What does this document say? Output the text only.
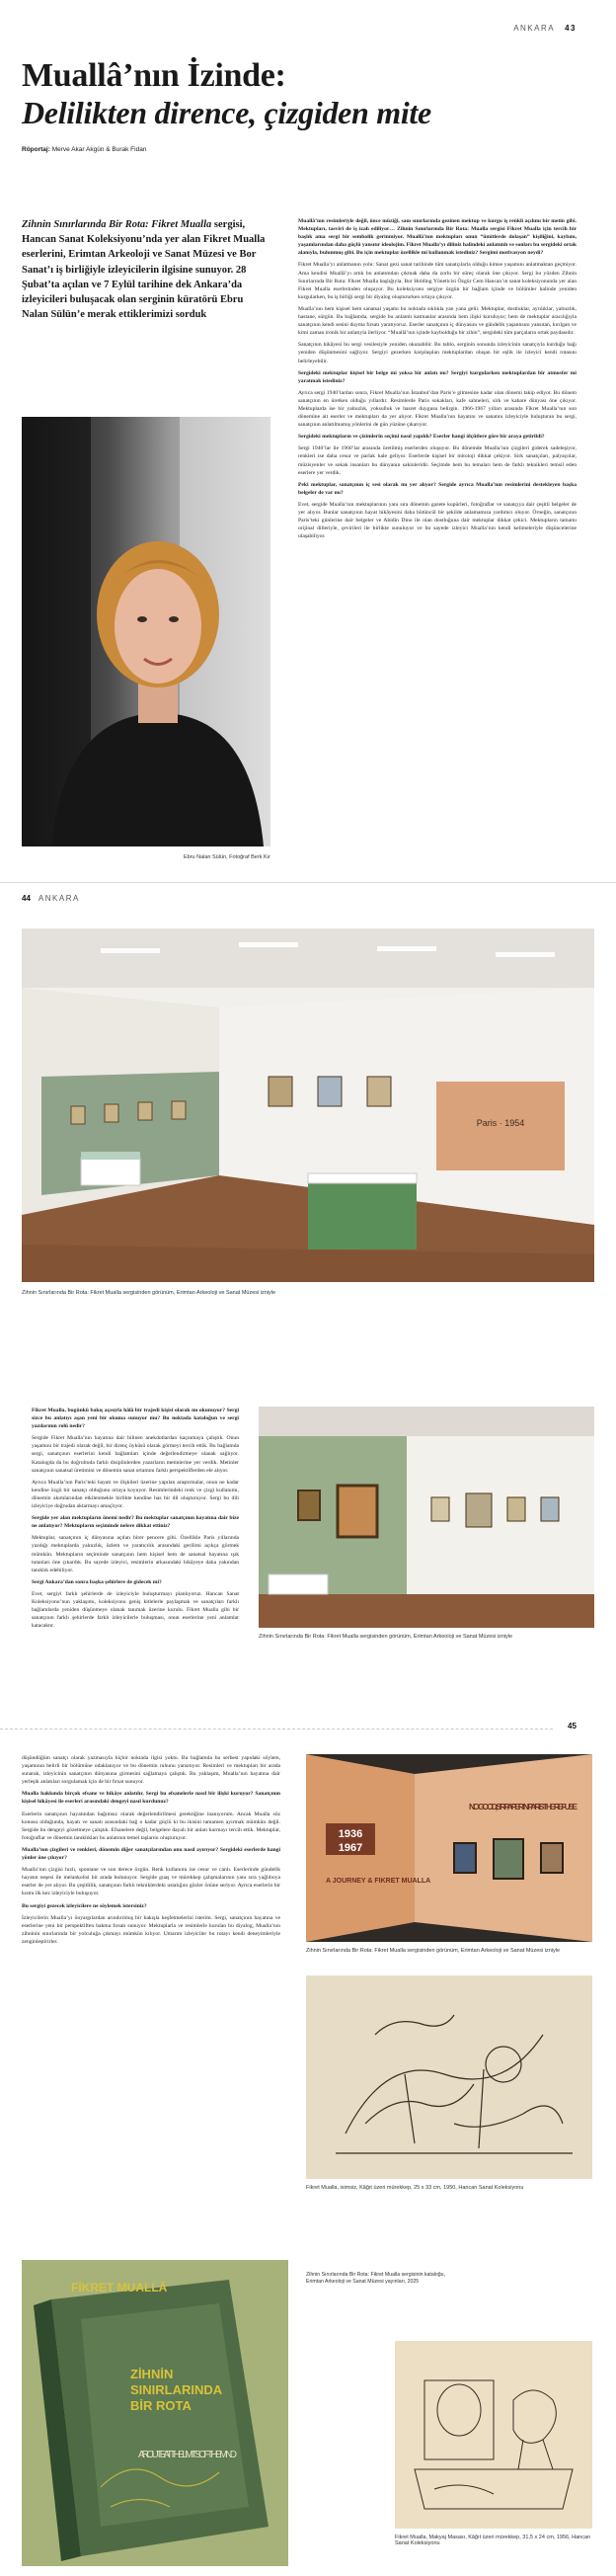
ANKARA 43
Muallâ’nın İzinde:
Delilikten dirence, çizgiden mite
Röportaj: Merve Akar Akgün & Burak Fidan
Zihnin Sınırlarında Bir Rota: Fikret Mualla sergisi, Hancan Sanat Koleksiyonu’nda yer alan Fikret Mualla eserlerini, Erimtan Arkeoloji ve Sanat Müzesi ve Bor Sanat’ı iş birliğiyle izleyicilerin ilgisine sunuyor. 28 Şubat’ta açılan ve 7 Eylül tarihine dek Ankara’da izleyicileri buluşacak olan serginin küratörü Ebru Nalan Sülün’e merak ettiklerimizi sorduk
Ebru Nalan Sülün, Fotoğraf Berk Kır

Muallâ’nın resimleriyle değil, önce müziği, sanı sınırlarında gezinen mektup ve kurgu iş renkli açılımı bir metin gibi. Mektupları, tasviri de iş izah ediliyor… Zihnin Sınırlarında Bir Rota: Mualla sergisi Fikret Mualla için tercih bir başlık ama sergi bir sembolik gerinmiyor. Muallâ’nın mektupları onun “ümitlerde dolaşan” kişiliğini, kaybını, yaşamlarından daha güçlü yansıtır ideolojim. Fikret Mualla’yı diliniz halindeki anlatımlı ve sonları bu sergideki ortak alanıyla, bulunmuş gibi. Bu için mektuplar özellikle mi kullanmak istediniz? Sergimi motivasyon neydi?

Fikret Mualla’yı anlatmanın yolu: Sanat gezi sanat tarihinde tüm sanatçılarla olduğu kimse yaşamını anlatmaktan geçmiyor. Ama kendisi Muallâ’yı artık bu anlatımdan çıkmak daha da zorlu bir süreç olarak öne çıkıyor. Sergi bu yüzden Zihnin Sınırlarında Bir Rota: Fikret Mualla başlığıyla, Bor Holding Yöneticisi Özgür Cem Hancan’ın sanat koleksiyonunda yer alan Fikret Mualla eserlerinden oluşuyor. Bu koleksiyonu sergiye özgün bir bağlam içinde ve bölümler halinde yeniden kurgularken, bu iş birliği sergi bir diyalog oluştururken ortaya çıkıyor.

Mualla’nın hem kişisel hem sanatsal yaşamı bu noktada sıklıkla yan yana gelir. Mektuplar, dostluklar, ayrılıklar, yalnızlık, hastane, sürgün. Bu bağlamda, sergide bu anlamlı katmanlar arasında hem ilişki kuruluyor; hem de mektuplar aracılığıyla sanatçının kendi sesini duyma fırsatı yaratıyoruz. Eserler sanatçının iç dünyasını ve gündelik yaşantısını yansıtan, kırılgan ve kimi zaman ironik bir anlatıyla ilerliyor. “Muallâ’nın içinde kaybolduğu bir zihin”, sergideki tüm parçaların ortak paydasıdır.

Sanatçının hikâyesi bu sergi vesilesiyle yeniden okunabilir. Bu tablo, serginin sonunda izleyicinin sanatçıyla kurduğu bağı yeniden düşünmesini sağlıyor. Sergiyi gezerken karşılaşılan mektuplardan oluşan bir eşlik ile izleyici kendi rotasını belirleyebilir.

Sergideki mektuplar kişisel bir belge mi yoksa bir anlatı mı? Sergiyi kurgularken mektuplardan bir atmosfer mi yaratmak istediniz?

Ayrıca sergi 1940’lardan sonra, Fikret Mualla’nın İstanbul’dan Paris’e gitmesine kadar olan dönemi takip ediyor. Bu dönem sanatçının en üretken olduğu yıllardır. Resimlerde Paris sokakları, kafe sahneleri, sirk ve kabare dünyası öne çıkıyor. Mektuplarda ise bir yalnızlık, yoksulluk ve hasret duygusu belirgin. 1966-1967 yılları arasında Fikret Mualla’nın son dönemine ait eserler ve mektupları da yer alıyor. Fikret Mualla’nın hayatını ve sanatını izleyiciyle buluşturan bu sergi, sanatçının anlatılmamış yönlerini de gün yüzüne çıkarıyor.

Sergideki mektupların ve çizimlerin seçimi nasıl yapıldı? Eserler hangi ölçütlere göre bir araya getirildi?

Sergi 1940’lar ile 1960’lar arasında üretilmiş eserlerden oluşuyor. Bu dönemde Mualla’nın çizgileri giderek sadeleşiyor, renkleri ise daha cesur ve parlak hale geliyor. Eserlerde kişisel bir mitoloji dikkat çekiyor. Sirk sanatçıları, palyaçolar, müzisyenler ve sokak insanları bu dünyanın sakinleridir. Seçimde hem bu temaları hem de farklı teknikleri temsil eden eserlere yer verdik.

Peki mektuplar, sanatçının iç sesi olarak mı yer alıyor? Sergide ayrıca Mualla’nın resimlerini destekleyen başka belgeler de var mı?

Evet, sergide Mualla’nın mektuplarının yanı sıra dönemin gazete kupürleri, fotoğraflar ve sanatçıya dair çeşitli belgeler de yer alıyor. Bunlar sanatçının hayat hikâyesini daha bütüncül bir şekilde anlamamıza yardımcı oluyor. Örneğin, sanatçının Paris’teki günlerine dair belgeler ve Abidin Dino ile olan dostluğuna dair mektuplar dikkat çekici. Mektupların tamamı orijinal dilleriyle, çevirileri ile birlikte sunuluyor ve bu sayede izleyici Mualla’nın kendi kelimeleriyle düşüncelerine ulaşabiliyor.

44 ANKARA
Paris · 1954
Zihnin Sınırlarında Bir Rota: Fikret Mualla sergisinden görünüm, Erimtan Arkeoloji ve Sanat Müzesi izniyle

Fikret Mualla, bugünkü bakış açısıyla hâlâ bir trajedi kişisi olarak mı okunuyor? Sergi sizce bu anlatıyı aşan yeni bir okuma sunuyor mu? Bu noktada kataloğun ve sergi yazılarının rolü nedir?

Sergide Fikret Mualla’nın hayatına dair bilinen anekdotlardan kaçınmaya çalıştık. Onun yaşamını bir trajedi olarak değil, bir direnç öyküsü olarak görmeyi tercih ettik. Bu bağlamda sergi, sanatçının eserlerini kendi bağlamları içinde değerlendirmeye olanak sağlıyor. Katalogda da bu doğrultuda farklı disiplinlerden yazarların metinlerine yer verdik. Metinler sanatçının sanatsal üretimini ve dönemin sanat ortamını farklı perspektiflerden ele alıyor.

Ayrıca Mualla’nın Paris’teki hayatı ve ilişkileri üzerine yapılan araştırmalar, onun ne kadar kendine özgü bir sanatçı olduğunu ortaya koyuyor. Resimlerindeki renk ve çizgi kullanımı, dönemin akımlarından etkilenmekle birlikte kendine has bir dil oluşturuyor. Sergi bu dili izleyiciye doğrudan aktarmayı amaçlıyor.

Sergide yer alan mektupların önemi nedir? Bu mektuplar sanatçının hayatına dair bize ne anlatıyor? Mektupların seçiminde nelere dikkat ettiniz?

Mektuplar, sanatçının iç dünyasına açılan birer pencere gibi. Özellikle Paris yıllarında yazdığı mektuplarda yalnızlık, özlem ve yaratıcılık arasındaki gerilimi açıkça görmek mümkün. Mektupların seçiminde sanatçının hem kişisel hem de sanatsal hayatına ışık tutanları öne çıkardık. Bu sayede izleyici, resimlerin arkasındaki hikâyeye daha yakından tanıklık edebiliyor.

Sergi Ankara’dan sonra başka şehirlere de gidecek mi?

Evet, sergiyi farklı şehirlerde de izleyiciyle buluşturmayı planlıyoruz. Hancan Sanat Koleksiyonu’nun yaklaşımı, koleksiyonu geniş kitlelerle paylaşmak ve sanatçıları farklı bağlamlarda yeniden düşünmeye olanak tanımak üzerine kurulu. Fikret Mualla gibi bir sanatçının farklı şehirlerde farklı izleyicilerle buluşması, onun eserlerine yeni anlamlar katacaktır.

Zihnin Sınırlarında Bir Rota: Fikret Mualla sergisinden görünüm, Erimtan Arkeoloji ve Sanat Müzesi izniyle
45

düşündüğüm sanatçı olarak yazmasıyla hiçbir noktada ilgisi yoktu. Bu bağlamda bu serbest yapıdaki söylem, yaşamının belirli bir bölümüne odaklanıyor ve bu dönemin ruhunu yansıtıyor. Resimleri ve mektupları bir arada sunarak, izleyicinin sanatçının dünyasına girmesini sağlamaya çalıştık. Bu yaklaşım, Mualla’nın hayatına dair yerleşik anlatıları sorgulamak için de bir fırsat sunuyor.

Mualla hakkında birçok efsane ve hikâye anlatılır. Sergi bu efsanelerle nasıl bir ilişki kuruyor? Sanatçının kişisel hikâyesi ile eserleri arasındaki dengeyi nasıl kurdunuz?

Eserlerin sanatçının hayatından bağımsız olarak değerlendirilmesi gerektiğine inanıyorum. Ancak Mualla söz konusu olduğunda, hayatı ve sanatı arasındaki bağ o kadar güçlü ki bu ikisini tamamen ayırmak mümkün değil. Sergide bu dengeyi gözetmeye çalıştık. Efsanelere değil, belgelere dayalı bir anlatı kurmayı tercih ettik. Mektuplar, fotoğraflar ve dönemin tanıklıkları bu anlatının temel taşlarını oluşturuyor.

Mualla’nın çizgileri ve renkleri, dönemin diğer sanatçılarından onu nasıl ayırıyor? Sergideki eserlerde hangi yönler öne çıkıyor?

Mualla’nın çizgisi hızlı, spontane ve son derece özgün. Renk kullanımı ise cesur ve canlı. Eserlerinde gündelik hayatın neşesi ile melankolisi bir arada bulunuyor. Sergide guaş ve mürekkep çalışmalarının yanı sıra yağlıboya eserler de yer alıyor. Bu çeşitlilik, sanatçının farklı tekniklerdeki ustalığını gözler önüne seriyor. Ayrıca eserlerin bir kısmı ilk kez izleyiciyle buluşuyor.

Bu sergiyi gezecek izleyicilere ne söylemek istersiniz?

İzleyicilerin Mualla’yı önyargılardan arındırılmış bir bakışla keşfetmelerini isterim. Sergi, sanatçının hayatına ve eserlerine yeni bir perspektiften bakma fırsatı sunuyor. Mektuplarla ve resimlerle kurulan bu diyalog, Mualla’nın zihninin sınırlarında bir yolculuğa çıkmayı mümkün kılıyor. Umarım izleyiciler bu rotayı kendi deneyimleriyle zenginleştirirler.

1936
1967
NO GOOD, SIR PAPER. IN PARIS THE REFUSE
A JOURNEY & FIKRET MUALLA
Zihnin Sınırlarında Bir Rota: Fikret Mualla sergisinden görünüm, Erimtan Arkeoloji ve Sanat Müzesi izniyle
Fikret Mualla, isimsiz, Kâğıt üzeri mürekkep, 25 x 33 cm, 1950, Hancan Sanat Koleksiyonu
ZİHNİN
SINIRLARINDA
BİR ROTA
A ROUTE AT THE LIMITS OF THE MIND
FİKRET MUALLÂ
Zihnin Sınırlarında Bir Rota: Fikret Mualla sergisinin kataloğu, Erimtan Arkeoloji ve Sanat Müzesi yayınları, 2025
Fikret Mualla, Makyaj Masası, Kâğıt üzeri mürekkep, 31,5 x 24 cm, 1956, Hancan Sanat Koleksiyonu
